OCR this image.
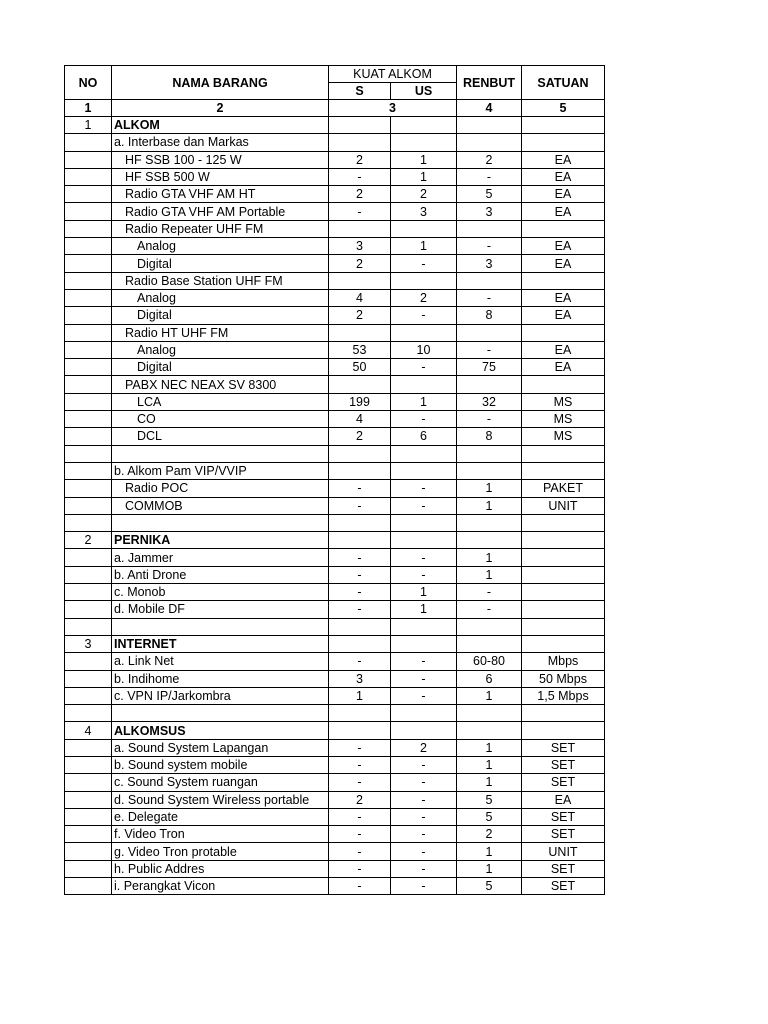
NO	NAMA BARANG	KUAT ALKOM		RENBUT	SATUAN
		S	US		
1	2	3		4	5
1	ALKOM				
	a. Interbase dan Markas				
	HF SSB 100 - 125 W	2	1	2	EA
	HF SSB 500 W	-	1	-	EA
	Radio GTA VHF AM HT	2	2	5	EA
	Radio GTA VHF AM Portable	-	3	3	EA
	Radio Repeater UHF FM				
	Analog	3	1	-	EA
	Digital	2	-	3	EA
	Radio Base Station UHF FM				
	Analog	4	2	-	EA
	Digital	2	-	8	EA
	Radio HT UHF FM				
	Analog	53	10	-	EA
	Digital	50	-	75	EA
	PABX NEC NEAX SV 8300				
	LCA	199	1	32	MS
	CO	4	-	-	MS
	DCL	2	6	8	MS

	b. Alkom Pam VIP/VVIP				
	Radio POC	-	-	1	PAKET
	COMMOB	-	-	1	UNIT

2	PERNIKA				
	a. Jammer	-	-	1	
	b. Anti Drone	-	-	1	
	c. Monob	-	1	-	
	d. Mobile DF	-	1	-	

3	INTERNET				
	a. Link Net	-	-	60-80	Mbps
	b. Indihome	3	-	6	50 Mbps
	c. VPN IP/Jarkombra	1	-	1	1,5 Mbps

4	ALKOMSUS				
	a. Sound System Lapangan	-	2	1	SET
	b. Sound system mobile	-	-	1	SET
	c. Sound System ruangan	-	-	1	SET
	d. Sound System Wireless portable	2	-	5	EA
	e. Delegate	-	-	5	SET
	f. Video Tron	-	-	2	SET
	g. Video Tron protable	-	-	1	UNIT
	h. Public Addres	-	-	1	SET
	i. Perangkat Vicon	-	-	5	SET
